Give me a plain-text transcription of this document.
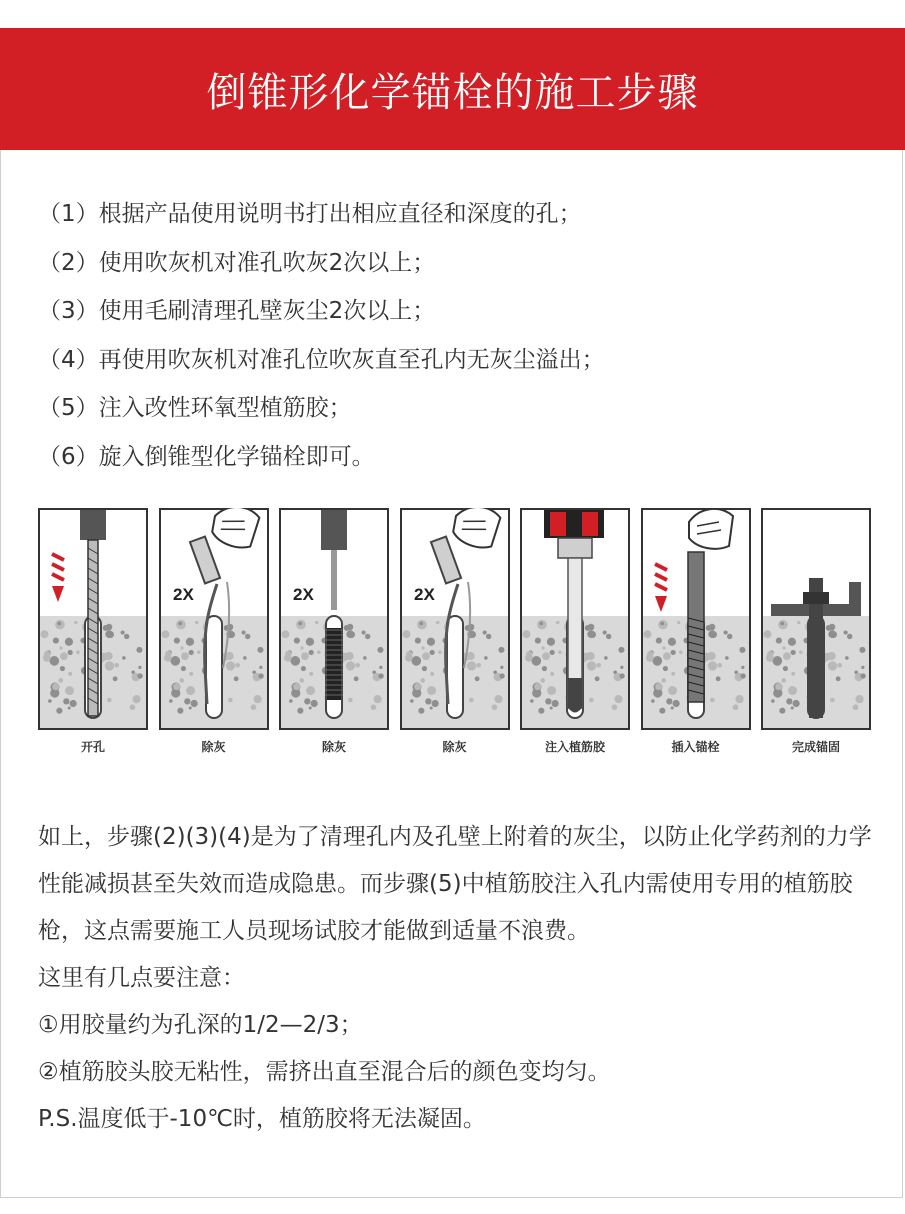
倒锥形化学锚栓的施工步骤
（1）根据产品使用说明书打出相应直径和深度的孔；
（2）使用吹灰机对准孔吹灰2次以上；
（3）使用毛刷清理孔壁灰尘2次以上；
（4）再使用吹灰机对准孔位吹灰直至孔内无灰尘溢出；
（5）注入改性环氧型植筋胶；
（6）旋入倒锥型化学锚栓即可。
开孔
2X
除灰
2X
除灰
2X
除灰	注入植筋胶	插入锚栓	完成锚固
如上，步骤(2)(3)(4)是为了清理孔内及孔壁上附着的灰尘，以防止化学药剂的力学性能减损甚至失效而造成隐患。而步骤(5)中植筋胶注入孔内需使用专用的植筋胶枪，这点需要施工人员现场试胶才能做到适量不浪费。
这里有几点要注意：
①用胶量约为孔深的1/2—2/3；
②植筋胶头胶无粘性，需挤出直至混合后的颜色变均匀。
P.S.温度低于-10℃时，植筋胶将无法凝固。
